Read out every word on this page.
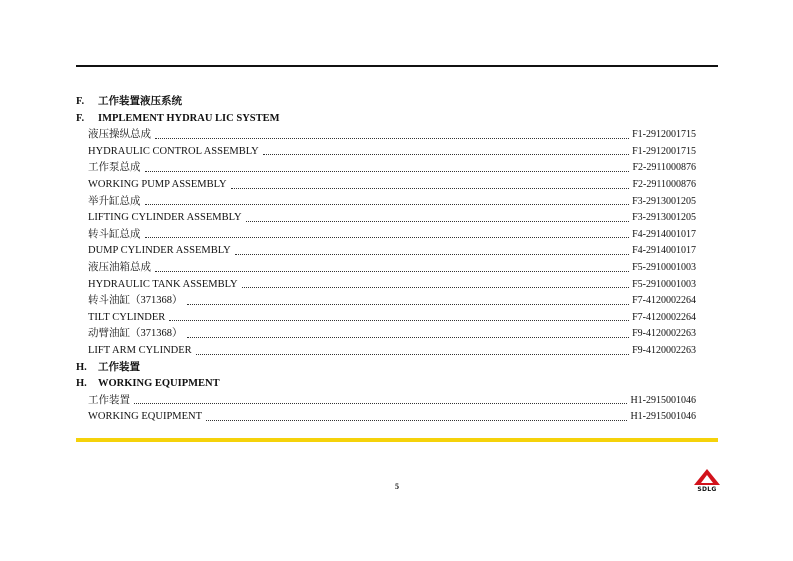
F. 工作装置液压系统
F. IMPLEMENT HYDRAU LIC SYSTEM
液压操纵总成	F1-2912001715
HYDRAULIC CONTROL ASSEMBLY	F1-2912001715
工作泵总成	F2-2911000876
WORKING PUMP ASSEMBLY	F2-2911000876
举升缸总成	F3-2913001205
LIFTING CYLINDER ASSEMBLY	F3-2913001205
转斗缸总成	F4-2914001017
DUMP CYLINDER ASSEMBLY	F4-2914001017
液压油箱总成	F5-2910001003
HYDRAULIC TANK ASSEMBLY	F5-2910001003
转斗油缸（371368）	F7-4120002264
TILT CYLINDER	F7-4120002264
动臂油缸（371368）	F9-4120002263
LIFT ARM CYLINDER	F9-4120002263
H. 工作装置
H. WORKING EQUIPMENT
工作装置	H1-2915001046
WORKING EQUIPMENT	H1-2915001046
5	SDLG
